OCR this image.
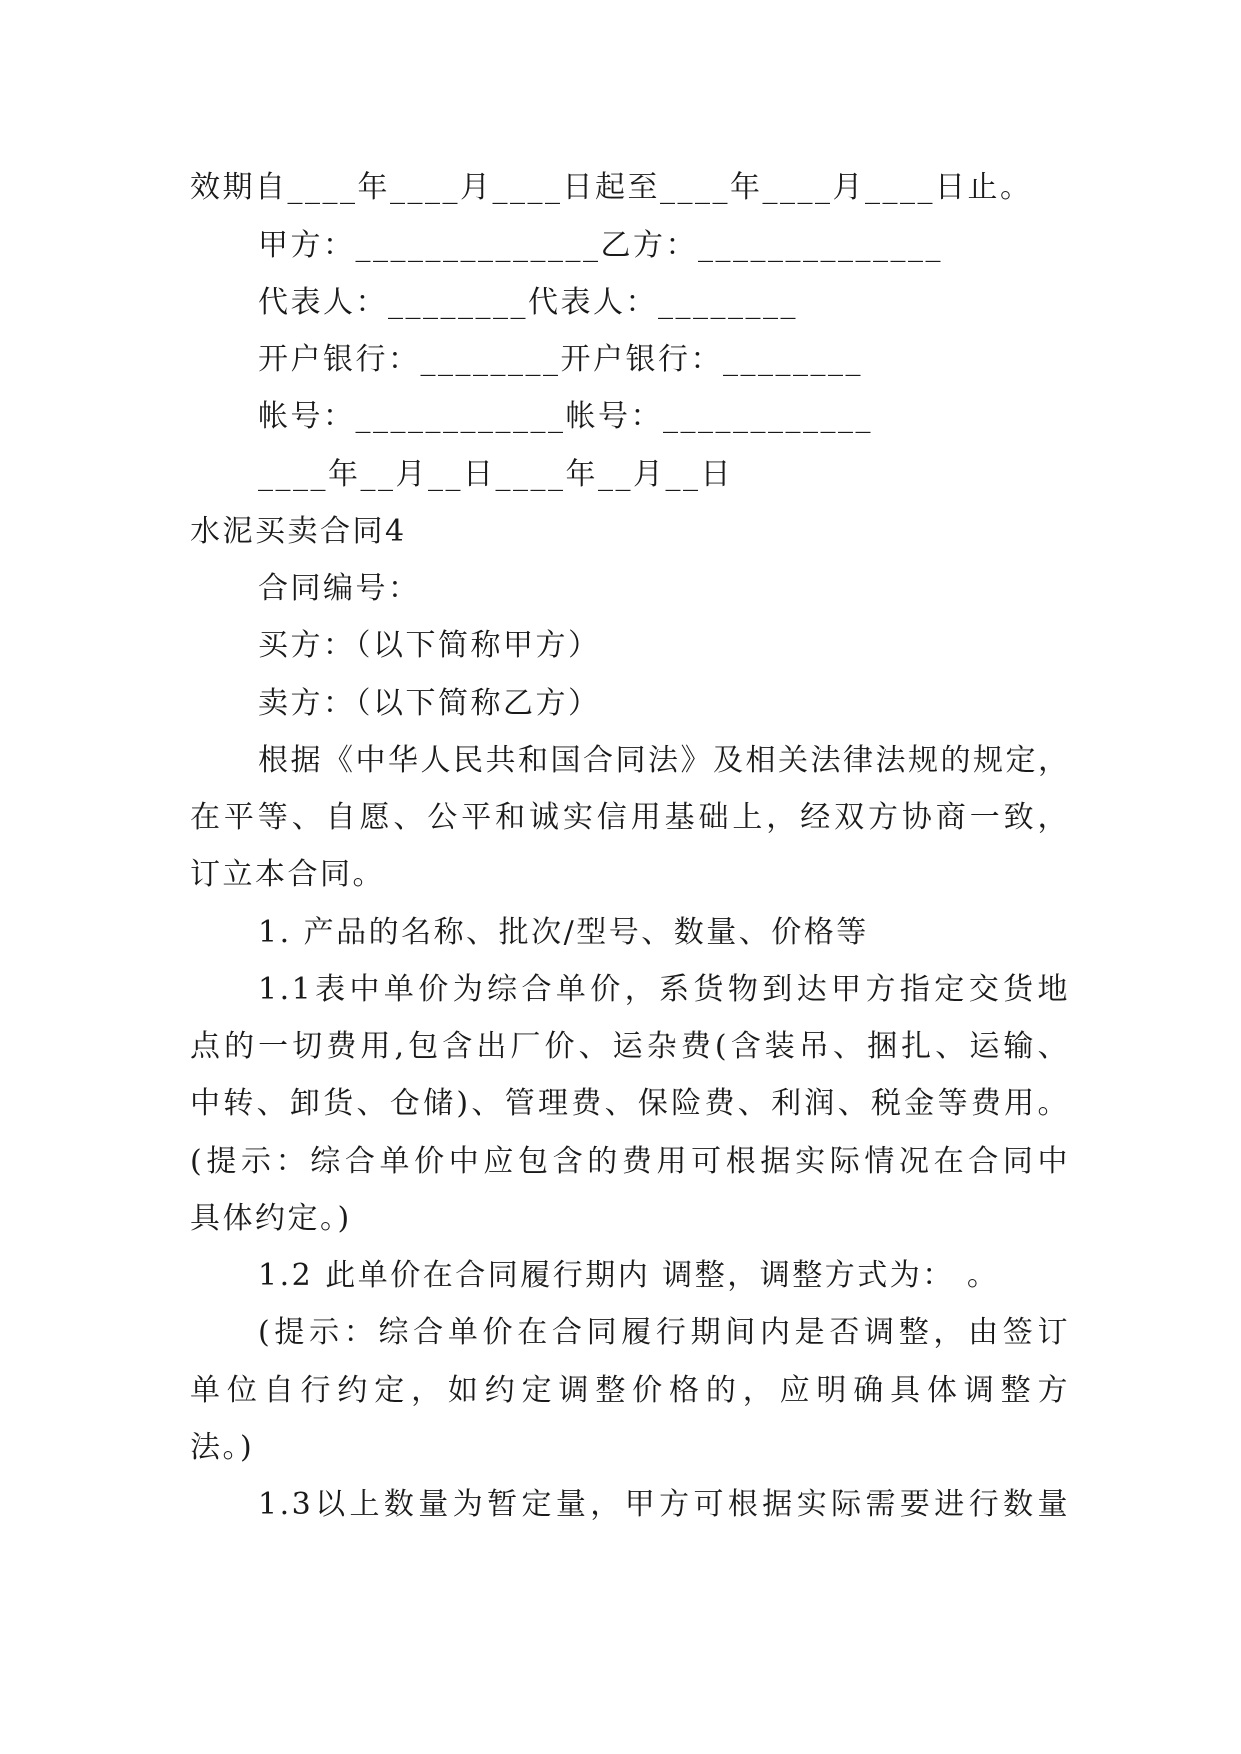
效期自____年____月____日起至____年____月____日止。
甲方：______________乙方：______________
代表人：________代表人：________
开户银行：________开户银行：________
帐号：____________帐号：____________
____年__月__日____年__月__日
水泥买卖合同4
合同编号：
买方：（以下简称甲方）
卖方：（以下简称乙方）
根据《中华人民共和国合同法》及相关法律法规的规定，
在平等、自愿、公平和诚实信用基础上，经双方协商一致，
订立本合同。
1. 产品的名称、批次/型号、数量、价格等
1.1表中单价为综合单价，系货物到达甲方指定交货地
点的一切费用,包含出厂价、运杂费(含装吊、捆扎、运输、
中转、卸货、仓储)、管理费、保险费、利润、税金等费用。
(提示：综合单价中应包含的费用可根据实际情况在合同中
具体约定。)
1.2 此单价在合同履行期内 调整，调整方式为： 。
(提示：综合单价在合同履行期间内是否调整，由签订
单位自行约定，如约定调整价格的，应明确具体调整方
法。)
1.3以上数量为暂定量，甲方可根据实际需要进行数量
